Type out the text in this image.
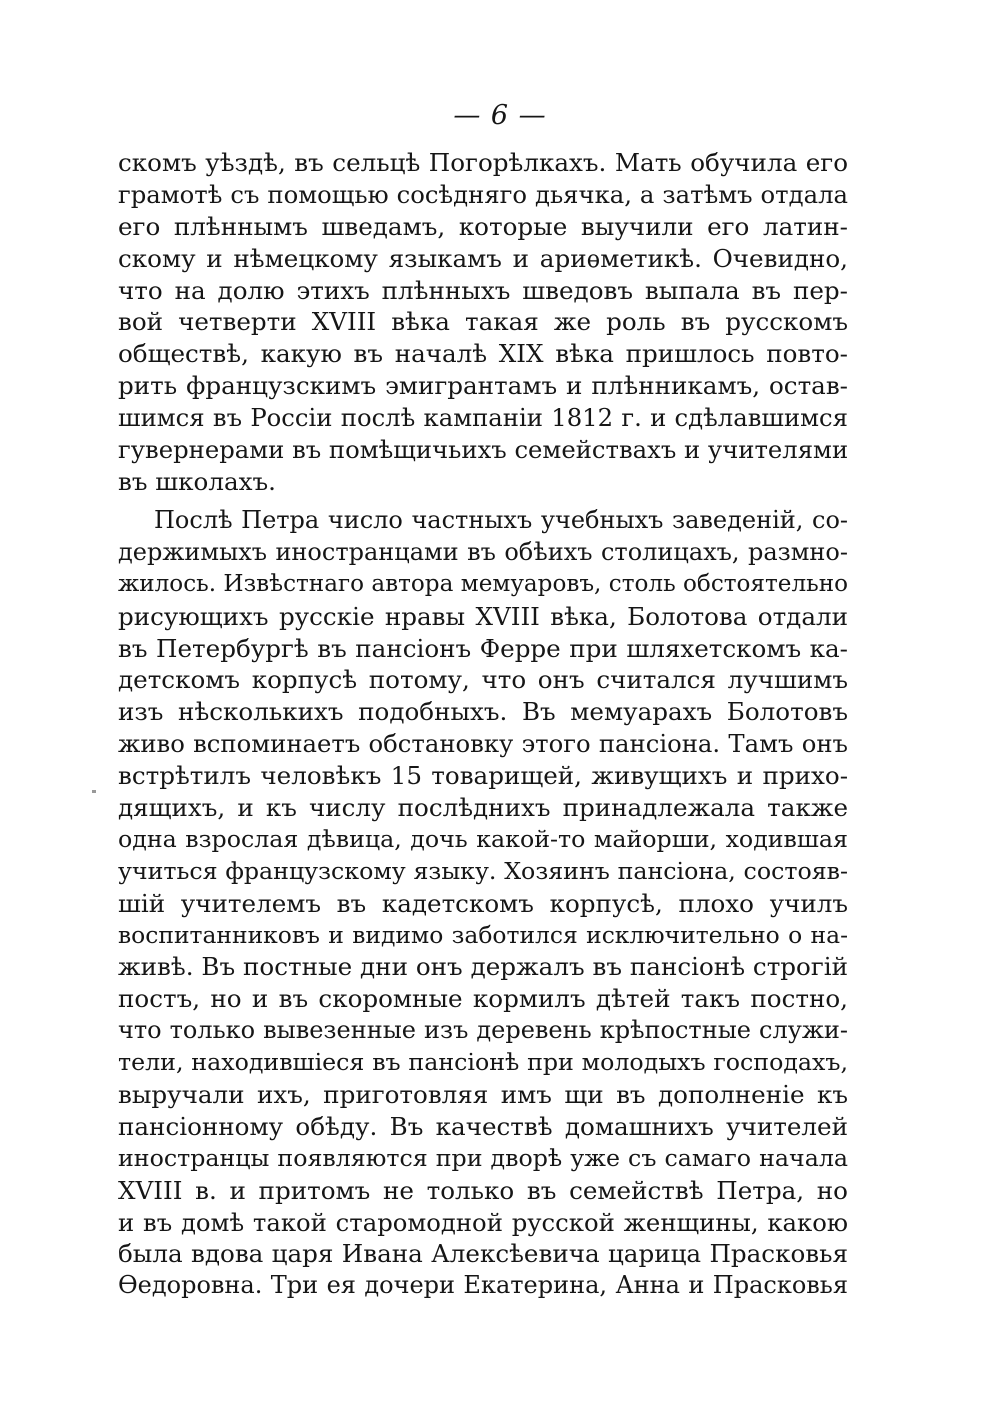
— 6 —
скомъ уѣздѣ, въ сельцѣ Погорѣлкахъ. Мать обучила его
грамотѣ съ помощью сосѣдняго дьячка, а затѣмъ отдала
его плѣннымъ шведамъ, которые выучили его латин-
скому и нѣмецкому языкамъ и ариѳметикѣ. Очевидно,
что на долю этихъ плѣнныхъ шведовъ выпала въ пер-
вой четверти XVIII вѣка такая же роль въ русскомъ
обществѣ, какую въ началѣ XIX вѣка пришлось повто-
рить французскимъ эмигрантамъ и плѣнникамъ, остав-
шимся въ Россіи послѣ кампаніи 1812 г. и сдѣлавшимся
гувернерами въ помѣщичьихъ семействахъ и учителями
въ школахъ.
Послѣ Петра число частныхъ учебныхъ заведеній, со-
держимыхъ иностранцами въ обѣихъ столицахъ, размно-
жилось. Извѣстнаго автора мемуаровъ, столь обстоятельно
рисующихъ русскіе нравы XVIII вѣка, Болотова отдали
въ Петербургѣ въ пансіонъ Ферре при шляхетскомъ ка-
детскомъ корпусѣ потому, что онъ считался лучшимъ
изъ нѣсколькихъ подобныхъ. Въ мемуарахъ Болотовъ
живо вспоминаетъ обстановку этого пансіона. Тамъ онъ
встрѣтилъ человѣкъ 15 товарищей, живущихъ и прихо-
дящихъ, и къ числу послѣднихъ принадлежала также
одна взрослая дѣвица, дочь какой-то майорши, ходившая
учиться французскому языку. Хозяинъ пансіона, состояв-
шій учителемъ въ кадетскомъ корпусѣ, плохо училъ
воспитанниковъ и видимо заботился исключительно о на-
живѣ. Въ постные дни онъ держалъ въ пансіонѣ строгій
постъ, но и въ скоромные кормилъ дѣтей такъ постно,
что только вывезенные изъ деревень крѣпостные служи-
тели, находившіеся въ пансіонѣ при молодыхъ господахъ,
выручали ихъ, приготовляя имъ щи въ дополненіе къ
пансіонному обѣду. Въ качествѣ домашнихъ учителей
иностранцы появляются при дворѣ уже съ самаго начала
XVIII в. и притомъ не только въ семействѣ Петра, но
и въ домѣ такой старомодной русской женщины, какою
была вдова царя Ивана Алексѣевича царица Прасковья
Ѳедоровна. Три ея дочери Екатерина, Анна и Прасковья
